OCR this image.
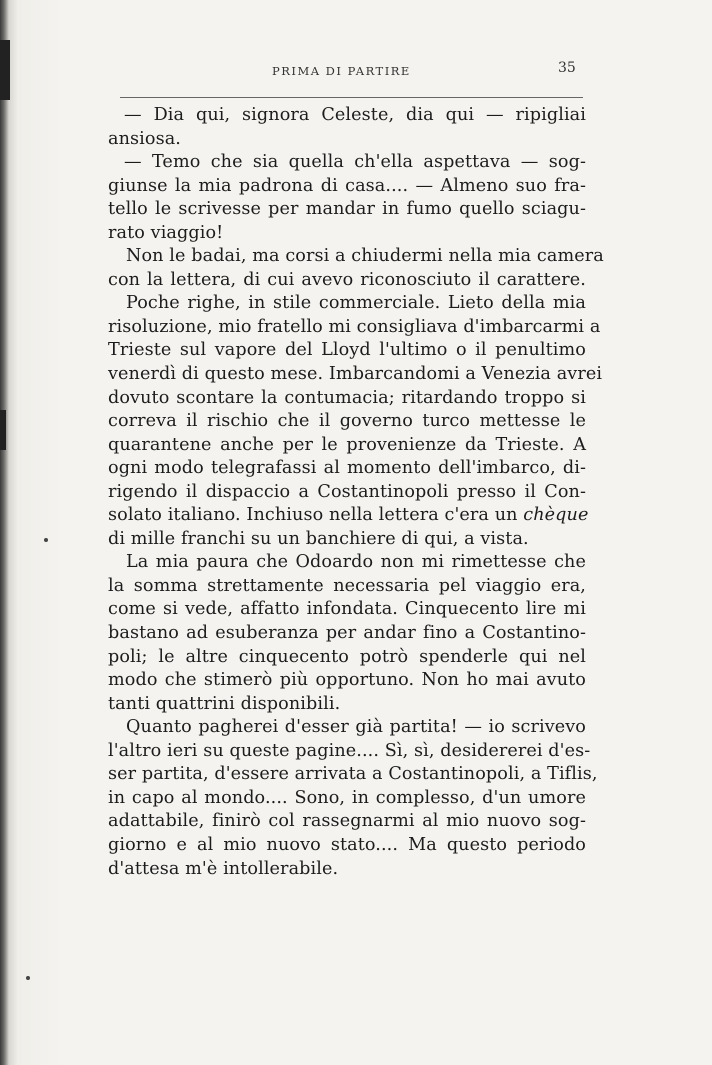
PRIMA DI PARTIRE	35
— Dia qui, signora Celeste, dia qui — ripigliai
ansiosa.
— Temo che sia quella ch'ella aspettava — sog-
giunse la mia padrona di casa.... — Almeno suo fra-
tello le scrivesse per mandar in fumo quello sciagu-
rato viaggio!
Non le badai, ma corsi a chiudermi nella mia camera
con la lettera, di cui avevo riconosciuto il carattere.
Poche righe, in stile commerciale. Lieto della mia
risoluzione, mio fratello mi consigliava d'imbarcarmi a
Trieste sul vapore del Lloyd l'ultimo o il penultimo
venerdì di questo mese. Imbarcandomi a Venezia avrei
dovuto scontare la contumacia; ritardando troppo si
correva il rischio che il governo turco mettesse le
quarantene anche per le provenienze da Trieste. A
ogni modo telegrafassi al momento dell'imbarco, di-
rigendo il dispaccio a Costantinopoli presso il Con-
solato italiano. Inchiuso nella lettera c'era un chèque
di mille franchi su un banchiere di qui, a vista.
La mia paura che Odoardo non mi rimettesse che
la somma strettamente necessaria pel viaggio era,
come si vede, affatto infondata. Cinquecento lire mi
bastano ad esuberanza per andar fino a Costantino-
poli; le altre cinquecento potrò spenderle qui nel
modo che stimerò più opportuno. Non ho mai avuto
tanti quattrini disponibili.
Quanto pagherei d'esser già partita! — io scrivevo
l'altro ieri su queste pagine.... Sì, sì, desidererei d'es-
ser partita, d'essere arrivata a Costantinopoli, a Tiflis,
in capo al mondo.... Sono, in complesso, d'un umore
adattabile, finirò col rassegnarmi al mio nuovo sog-
giorno e al mio nuovo stato.... Ma questo periodo
d'attesa m'è intollerabile.
